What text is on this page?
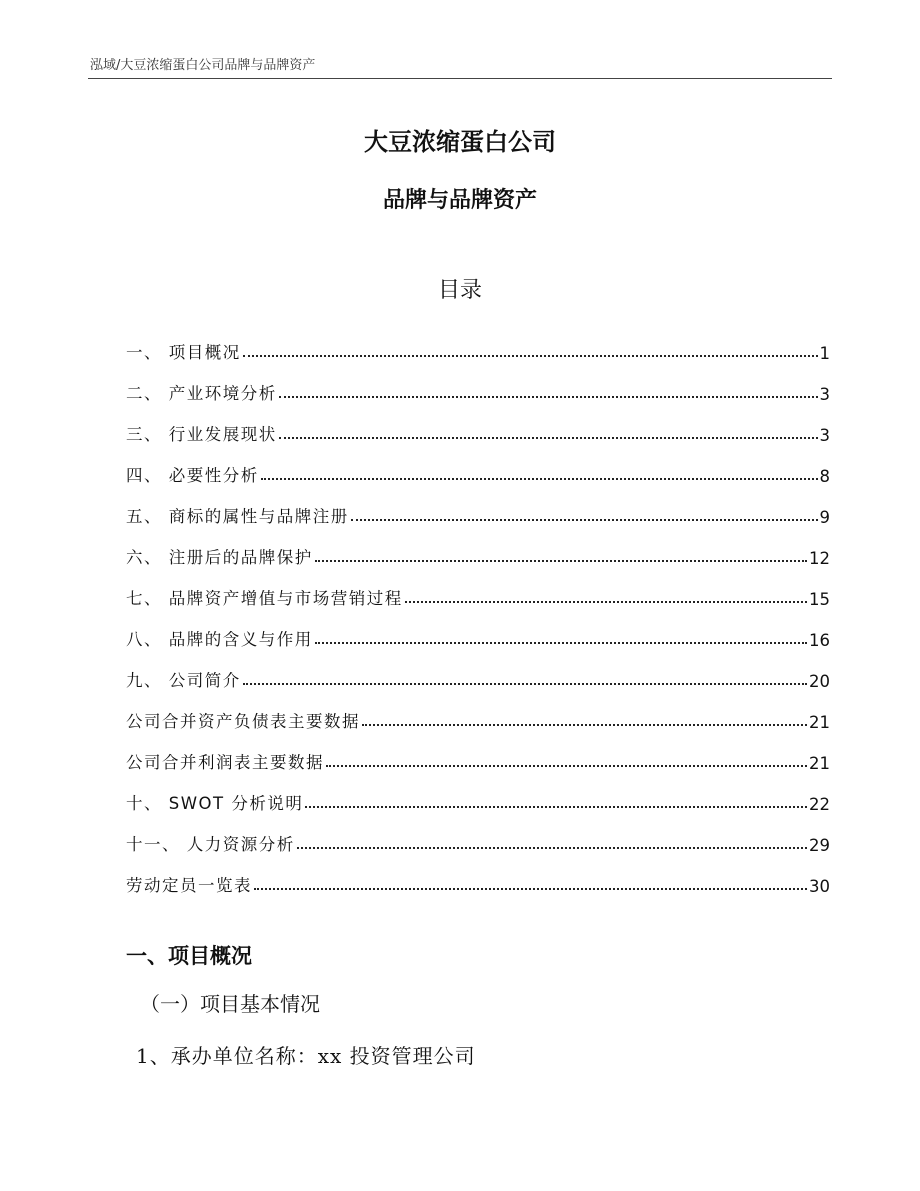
泓域/大豆浓缩蛋白公司品牌与品牌资产
大豆浓缩蛋白公司
品牌与品牌资产
目录
一、 项目概况	1
二、 产业环境分析	3
三、 行业发展现状	3
四、 必要性分析	8
五、 商标的属性与品牌注册	9
六、 注册后的品牌保护	12
七、 品牌资产增值与市场营销过程	15
八、 品牌的含义与作用	16
九、 公司简介	20
公司合并资产负债表主要数据	21
公司合并利润表主要数据	21
十、 SWOT 分析说明	22
十一、 人力资源分析	29
劳动定员一览表	30
一、项目概况
（一）项目基本情况
1、承办单位名称：xx 投资管理公司
